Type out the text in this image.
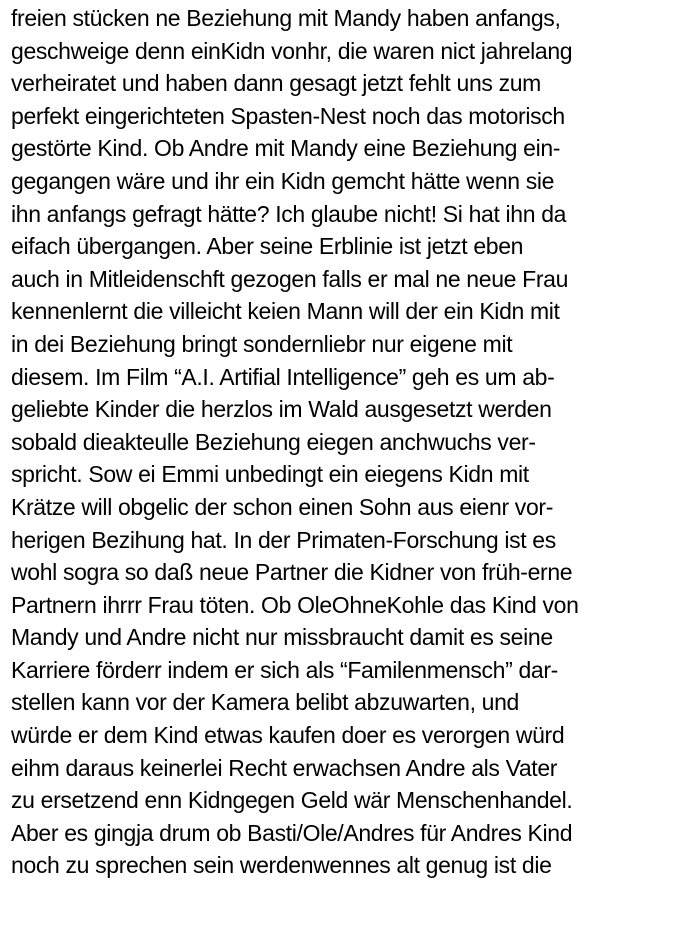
freien stücken ne Beziehung mit Mandy haben anfangs,
geschweige denn einKidn vonhr, die waren nict jahrelang
verheiratet und haben dann gesagt jetzt fehlt uns zum
perfekt eingerichteten Spasten-Nest noch das motorisch
gestörte Kind. Ob Andre mit Mandy eine Beziehung ein-
gegangen wäre und ihr ein Kidn gemcht hätte wenn sie
ihn anfangs gefragt hätte? Ich glaube nicht! Si hat ihn da
eifach übergangen. Aber seine Erblinie ist jetzt eben
auch in Mitleidenschft gezogen falls er mal ne neue Frau
kennenlernt die villeicht keien Mann will der ein Kidn mit
in dei Beziehung bringt sondernliebr nur eigene mit
diesem. Im Film “A.I. Artifial Intelligence” geh es um ab-
geliebte Kinder die herzlos im Wald ausgesetzt werden
sobald dieakteulle Beziehung eiegen anchwuchs ver-
spricht. Sow ei Emmi unbedingt ein eiegens Kidn mit
Krätze will obgelic der schon einen Sohn aus eienr vor-
herigen Bezihung hat. In der Primaten-Forschung ist es
wohl sogra so daß neue Partner die Kidner von früh-erne
Partnern ihrrr Frau töten. Ob OleOhneKohle das Kind von
Mandy und Andre nicht nur missbraucht damit es seine
Karriere förderr indem er sich als “Familenmensch” dar-
stellen kann vor der Kamera belibt abzuwarten, und
würde er dem Kind etwas kaufen doer es verorgen würd
eihm daraus keinerlei Recht erwachsen Andre als Vater
zu ersetzend enn Kidngegen Geld wär Menschenhandel.
Aber es gingja drum ob Basti/Ole/Andres für Andres Kind
noch zu sprechen sein werdenwennes alt genug ist die
